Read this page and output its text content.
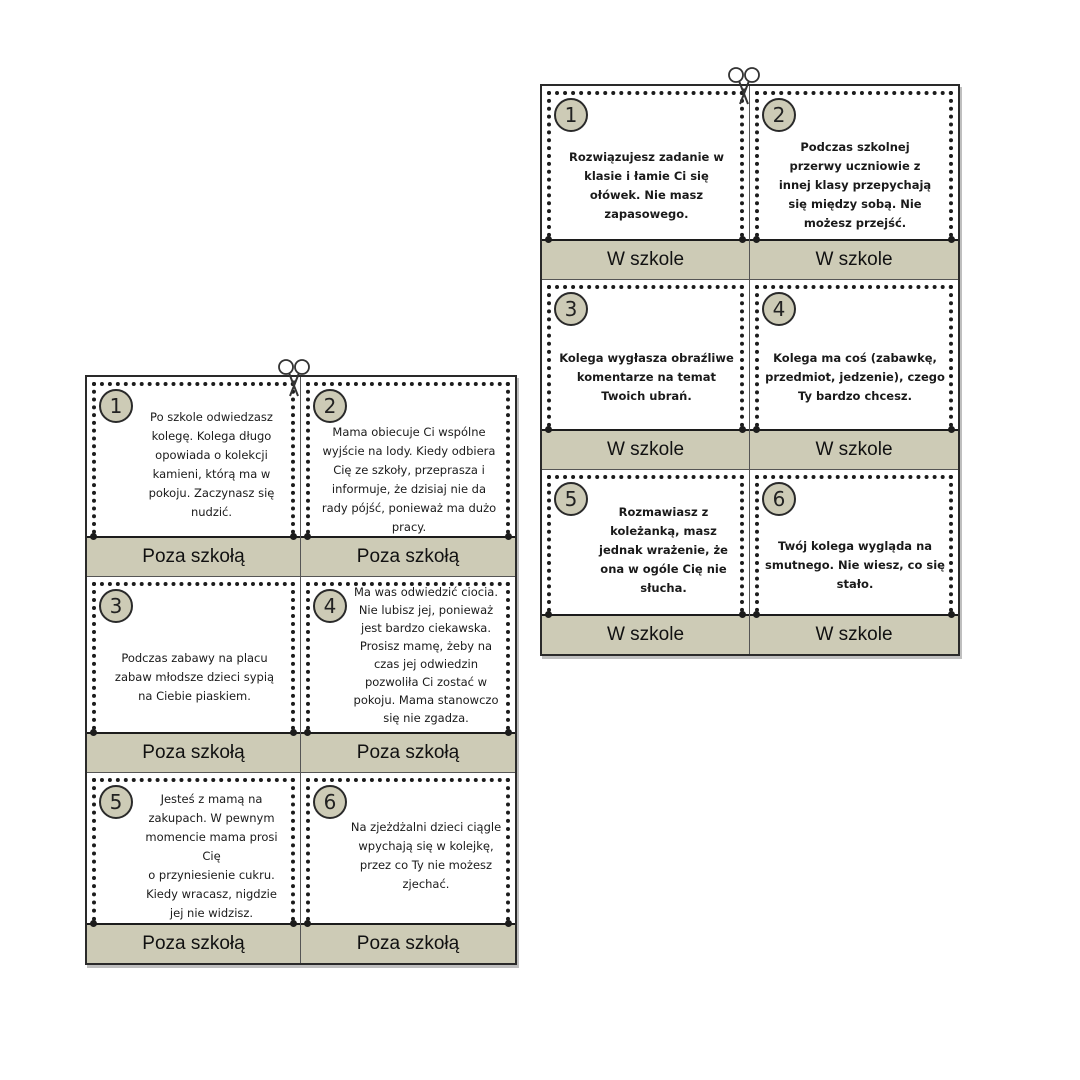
1	Po szkole odwiedzasz
kolegę. Kolega długo
opowiada o kolekcji
kamieni, którą ma w
pokoju. Zaczynasz się
nudzić.
Poza szkołą
2
Mama obiecuje Ci wspólne
wyjście na lody. Kiedy odbiera
Cię ze szkoły, przeprasza i
informuje, że dzisiaj nie da
rady pójść, ponieważ ma dużo
pracy.
Poza szkołą
3
Podczas zabawy na placu
zabaw młodsze dzieci sypią
na Ciebie piaskiem.
Poza szkołą
4
Ma was odwiedzić ciocia.
Nie lubisz jej, ponieważ
jest bardzo ciekawska.
Prosisz mamę, żeby na
czas jej odwiedzin
pozwoliła Ci zostać w
pokoju. Mama stanowczo
się nie zgadza.
Poza szkołą
5	Jesteś z mamą na
zakupach. W pewnym
momencie mama prosi Cię
o przyniesienie cukru.
Kiedy wracasz, nigdzie
jej nie widzisz.
Poza szkołą
6
Na zjeżdżalni dzieci ciągle
wpychają się w kolejkę,
przez co Ty nie możesz
zjechać.
Poza szkołą
1
Rozwiązujesz zadanie w
klasie i łamie Ci się
ołówek. Nie masz
zapasowego.
W szkole
2
Podczas szkolnej
przerwy uczniowie z
innej klasy przepychają
się między sobą. Nie
możesz przejść.
W szkole
3
Kolega wygłasza obraźliwe
komentarze na temat
Twoich ubrań.
W szkole
4
Kolega ma coś (zabawkę,
przedmiot, jedzenie), czego
Ty bardzo chcesz.
W szkole
5
Rozmawiasz z
koleżanką, masz
jednak wrażenie, że
ona w ogóle Cię nie
słucha.
W szkole
6
Twój kolega wygląda na
smutnego. Nie wiesz, co się
stało.
W szkole
